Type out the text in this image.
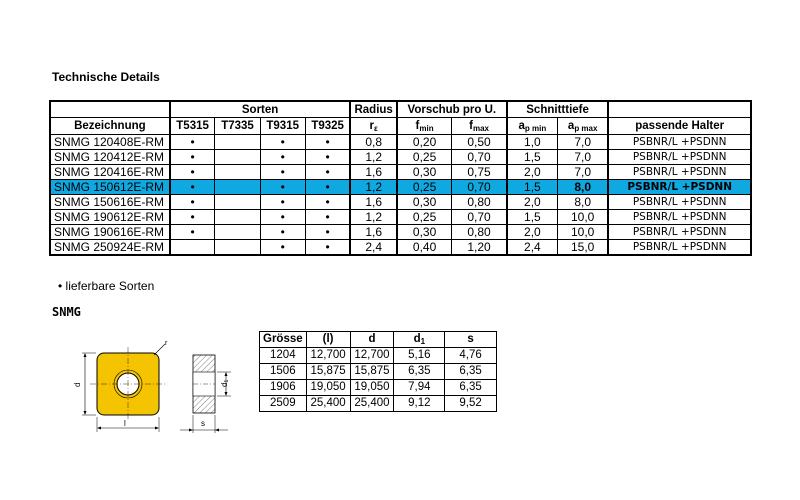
Technische Details
	Sorten				Radius	Vorschub pro U.		Schnitttiefe		
Bezeichnung	T5315	T7335	T9315	T9325	$r_\varepsilon$	$f_{min}$	$f_{max}$	$a_{p min}$	$a_{p max}$	passende Halter
SNMG 120408E-RM	•		•	•	0,8	0,20	0,50	1,0	7,0	PSBNR/L +PSDNN
SNMG 120412E-RM	•		•	•	1,2	0,25	0,70	1,5	7,0	PSBNR/L +PSDNN
SNMG 120416E-RM	•		•	•	1,6	0,30	0,75	2,0	7,0	PSBNR/L +PSDNN
SNMG 150612E-RM	•		•	•	1,2	0,25	0,70	1,5	8,0	PSBNR/L +PSDNN
SNMG 150616E-RM	•		•	•	1,6	0,30	0,80	2,0	8,0	PSBNR/L +PSDNN
SNMG 190612E-RM	•		•	•	1,2	0,25	0,70	1,5	10,0	PSBNR/L +PSDNN
SNMG 190616E-RM	•		•	•	1,6	0,30	0,80	2,0	10,0	PSBNR/L +PSDNN
SNMG 250924E-RM			•	•	2,4	0,40	1,20	2,4	15,0	PSBNR/L +PSDNN
• lieferbare Sorten
SNMG
r
d
l
d1
s
Grösse	(l)	d	$d_1$	s
1204	12,700	12,700	5,16	4,76
1506	15,875	15,875	6,35	6,35
1906	19,050	19,050	7,94	6,35
2509	25,400	25,400	9,12	9,52
